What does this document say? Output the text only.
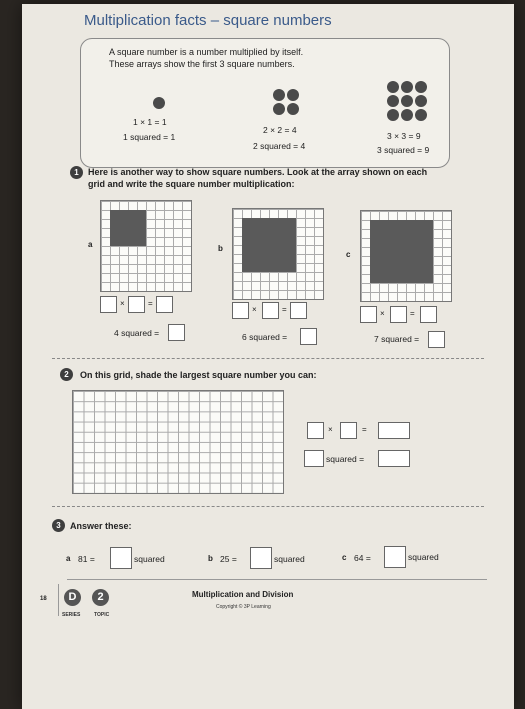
Multiplication facts – square numbers

A square number is a number multiplied by itself.

These arrays show the first 3 square numbers.

1 × 1 = 1
1 squared = 1
2 × 2 = 4
2 squared = 4
3 × 3 = 9
3 squared = 9
1	Here is another way to show square numbers. Look at the array shown on each
grid and write the square number multiplication:
a
×	=
4 squared =
b
×	=
6 squared =
c
×	=
7 squared =
2	On this grid, shade the largest square number you can:
×	=
squared =
3	Answer these:
a 81 =	squared	b 25 =	squared	c 64 =	squared
18	D	2
SERIES	TOPIC
Multiplication and Division
Copyright © 3P Learning
